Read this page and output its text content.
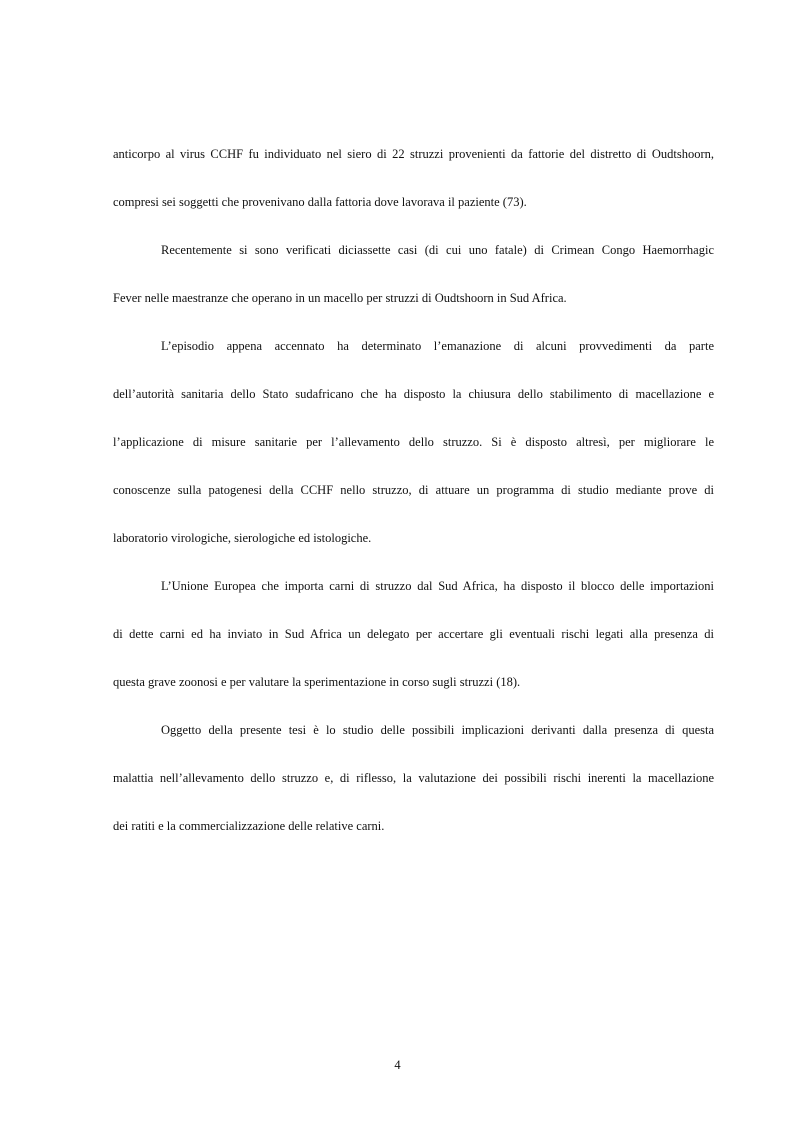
anticorpo al virus CCHF fu individuato nel siero di 22 struzzi provenienti da fattorie del distretto di Oudtshoorn,
compresi sei soggetti che provenivano dalla fattoria dove lavorava il paziente (73).
Recentemente si sono verificati diciassette casi (di cui uno fatale) di Crimean Congo Haemorrhagic
Fever nelle maestranze che operano in un macello per struzzi di Oudtshoorn in Sud Africa.
L’episodio appena accennato ha determinato l’emanazione di alcuni provvedimenti da parte
dell’autorità sanitaria dello Stato sudafricano che ha disposto la chiusura dello stabilimento di macellazione e
l’applicazione di misure sanitarie per l’allevamento dello struzzo. Si è disposto altresì, per migliorare le
conoscenze sulla patogenesi della CCHF nello struzzo, di attuare un programma di studio mediante prove di
laboratorio virologiche, sierologiche ed istologiche.
L’Unione Europea che importa carni di struzzo dal Sud Africa, ha disposto il blocco delle importazioni
di dette carni ed ha inviato in Sud Africa un delegato per accertare gli eventuali rischi legati alla presenza di
questa grave zoonosi e per valutare la sperimentazione in corso sugli struzzi (18).
Oggetto della presente tesi è lo studio delle possibili implicazioni derivanti dalla presenza di questa
malattia nell’allevamento dello struzzo e, di riflesso, la valutazione dei possibili rischi inerenti la macellazione
dei ratiti e la commercializzazione delle relative carni.
4
